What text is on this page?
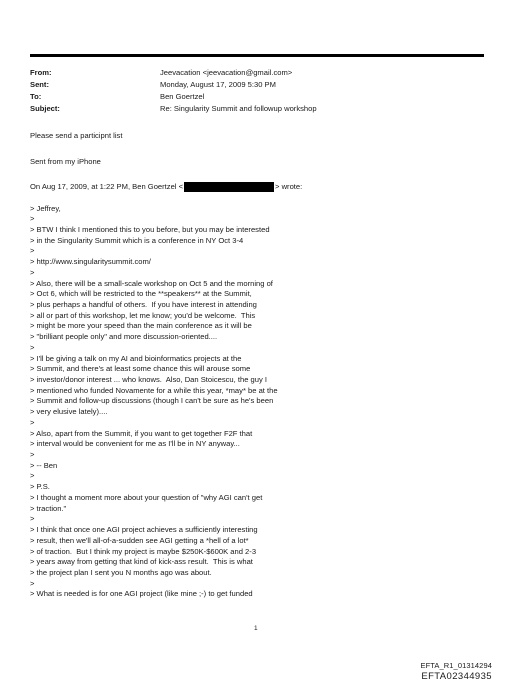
From:	Jeevacation <jeevacation@gmail.com>
Sent:	Monday, August 17, 2009 5:30 PM
To:	Ben Goertzel
Subject:	Re: Singularity Summit and followup workshop

Please send a participnt list

Sent from my iPhone

On Aug 17, 2009, at 1:22 PM, Ben Goertzel <	> wrote:
> Jeffrey,
>
> BTW I think I mentioned this to you before, but you may be interested
> in the Singularity Summit which is a conference in NY Oct 3-4
>
> http://www.singularitysummit.com/
>
> Also, there will be a small-scale workshop on Oct 5 and the morning of
> Oct 6, which will be restricted to the **speakers** at the Summit,
> plus perhaps a handful of others.  If you have interest in attending
> all or part of this workshop, let me know; you'd be welcome.  This
> might be more your speed than the main conference as it will be
> "brilliant people only" and more discussion-oriented....
>
> I'll be giving a talk on my AI and bioinformatics projects at the
> Summit, and there's at least some chance this will arouse some
> investor/donor interest ... who knows.  Also, Dan Stoicescu, the guy I
> mentioned who funded Novamente for a while this year, *may* be at the
> Summit and follow-up discussions (though I can't be sure as he's been
> very elusive lately)....
>
> Also, apart from the Summit, if you want to get together F2F that
> interval would be convenient for me as I'll be in NY anyway...
>
> -- Ben
>
> P.S.
> I thought a moment more about your question of "why AGI can't get
> traction."
>
> I think that once one AGI project achieves a sufficiently interesting
> result, then we'll all-of-a-sudden see AGI getting a *hell of a lot*
> of traction.  But I think my project is maybe $250K-$600K and 2-3
> years away from getting that kind of kick-ass result.  This is what
> the project plan I sent you N months ago was about.
>
> What is needed is for one AGI project (like mine ;-) to get funded
1
EFTA_R1_01314294
EFTA02344935
